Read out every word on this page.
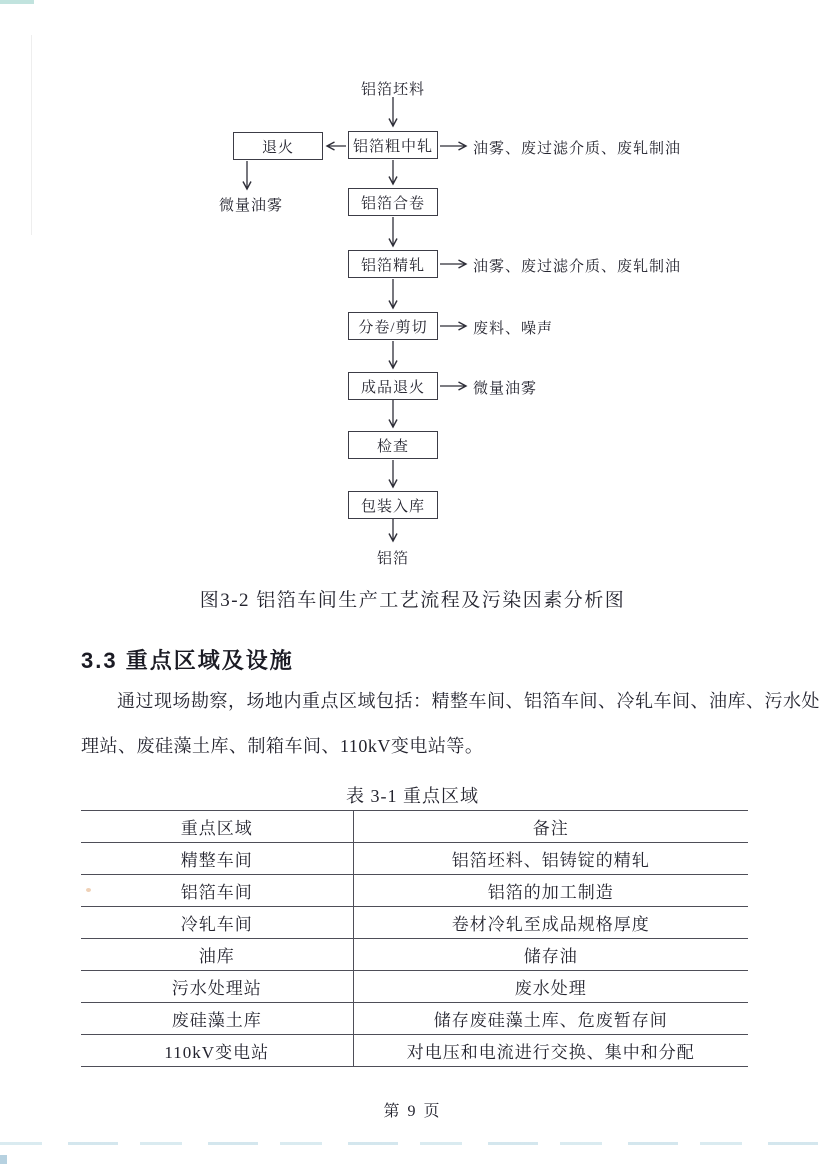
铝箔坯料
铝箔粗中轧
铝箔合卷
铝箔精轧
分卷/剪切
成品退火
检查
包装入库
退火
微量油雾
油雾、废过滤介质、废轧制油
油雾、废过滤介质、废轧制油
废料、噪声
微量油雾
铝箔
图3-2 铝箔车间生产工艺流程及污染因素分析图
3.3 重点区域及设施
通过现场勘察，场地内重点区域包括：精整车间、铝箔车间、冷轧车间、油库、污水处
理站、废硅藻土库、制箱车间、110kV变电站等。
表 3-1 重点区域
重点区域	备注
精整车间	铝箔坯料、铝铸锭的精轧
铝箔车间	铝箔的加工制造
冷轧车间	卷材冷轧至成品规格厚度
油库	储存油
污水处理站	废水处理
废硅藻土库	储存废硅藻土库、危废暂存间
110kV变电站	对电压和电流进行交换、集中和分配
第 9 页
